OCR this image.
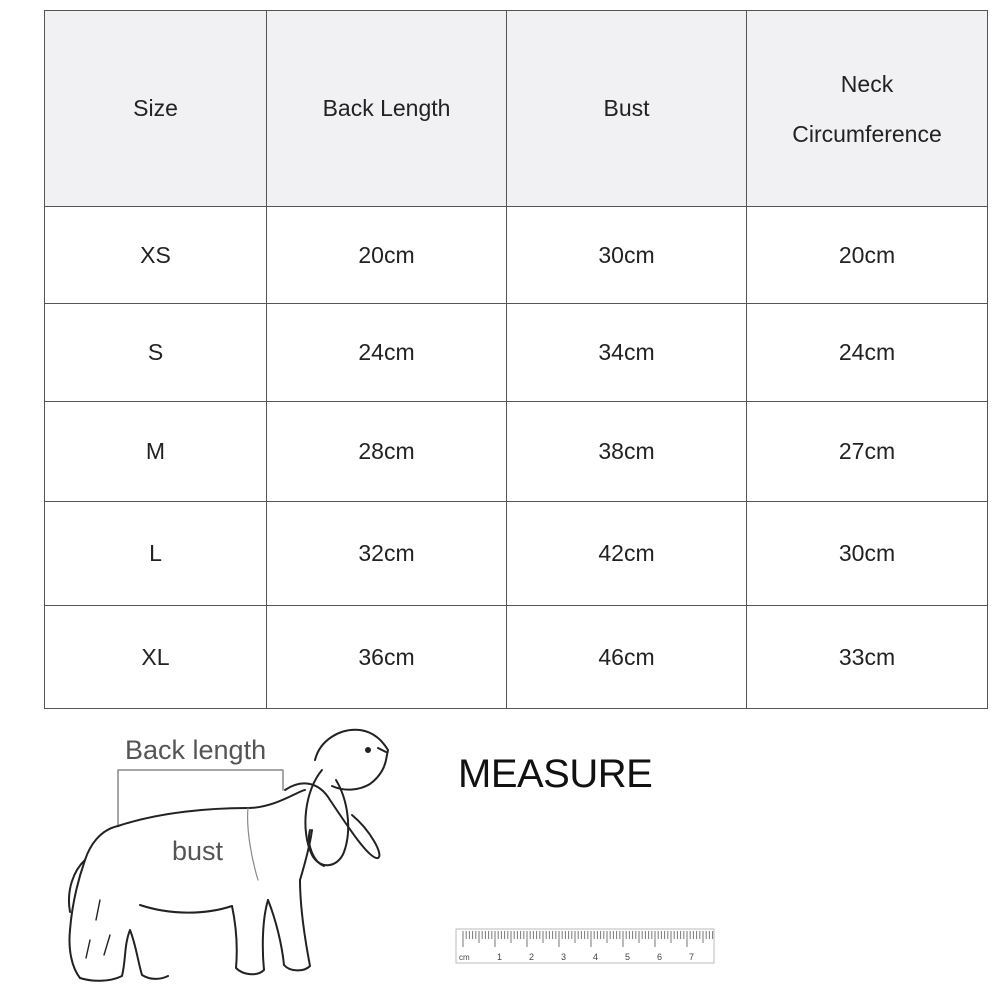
Size	Back Length	Bust	Neck
Circumference

XS	20cm	30cm	20cm
S	24cm	34cm	24cm
M	28cm	38cm	27cm
L	32cm	42cm	30cm
XL	36cm	46cm	33cm
Back length
bust
MEASURE
cm	1	2	3	4	5	6	7
